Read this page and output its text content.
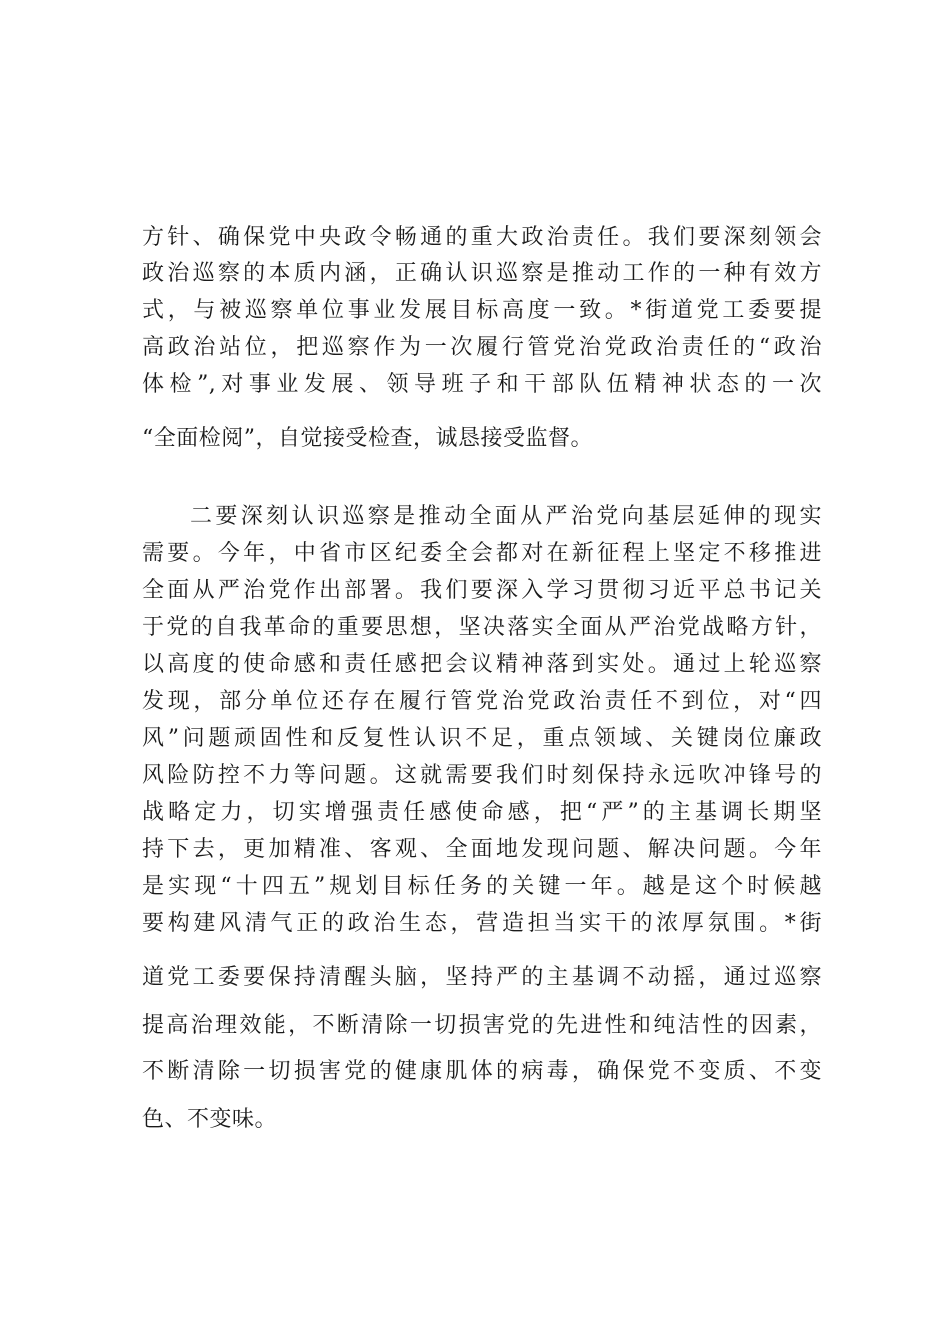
方针、确保党中央政令畅通的重大政治责任。我们要深刻领会
政治巡察的本质内涵，正确认识巡察是推动工作的一种有效方
式，与被巡察单位事业发展目标高度一致。*街道党工委要提
高政治站位，把巡察作为一次履行管党治党政治责任的“政治
体检”,对事业发展、领导班子和干部队伍精神状态的一次
“全面检阅”，自觉接受检查，诚恳接受监督。
二要深刻认识巡察是推动全面从严治党向基层延伸的现实
需要。今年，中省市区纪委全会都对在新征程上坚定不移推进
全面从严治党作出部署。我们要深入学习贯彻习近平总书记关
于党的自我革命的重要思想，坚决落实全面从严治党战略方针，
以高度的使命感和责任感把会议精神落到实处。通过上轮巡察
发现，部分单位还存在履行管党治党政治责任不到位，对“四
风”问题顽固性和反复性认识不足，重点领域、关键岗位廉政
风险防控不力等问题。这就需要我们时刻保持永远吹冲锋号的
战略定力，切实增强责任感使命感，把“严”的主基调长期坚
持下去，更加精准、客观、全面地发现问题、解决问题。今年
是实现“十四五”规划目标任务的关键一年。越是这个时候越
要构建风清气正的政治生态，营造担当实干的浓厚氛围。*街
道党工委要保持清醒头脑，坚持严的主基调不动摇，通过巡察
提高治理效能，不断清除一切损害党的先进性和纯洁性的因素，
不断清除一切损害党的健康肌体的病毒，确保党不变质、不变
色、不变味。
